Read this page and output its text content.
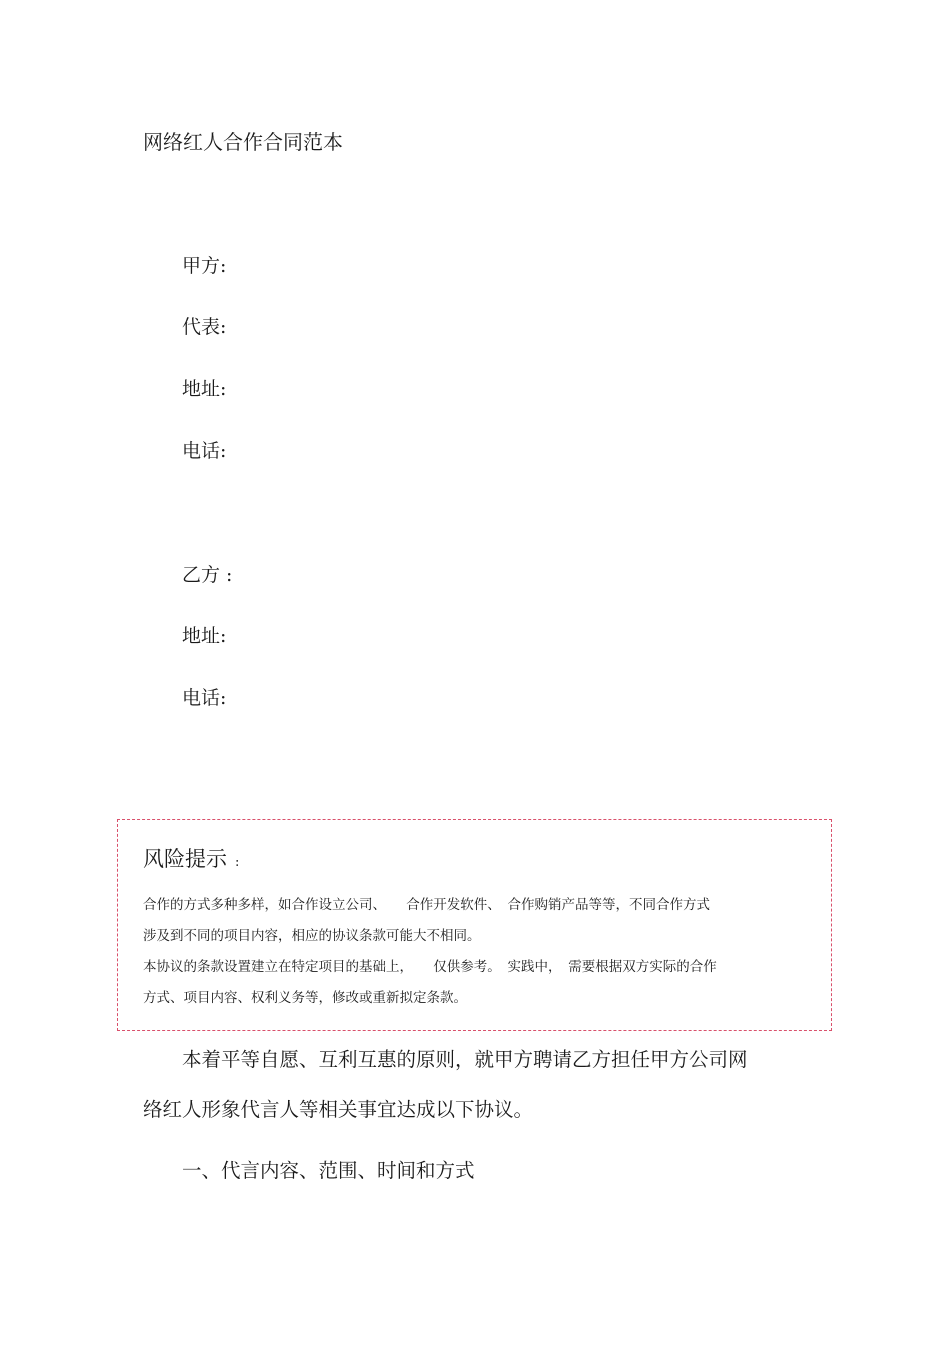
网络红人合作合同范本
甲方:
代表:
地址:
电话:
乙方 :
地址:
电话:
风险提示 :
合作的方式多种多样，如合作设立公司、　　合作开发软件、　合作购销产品等等，不同合作方式
涉及到不同的项目内容，相应的协议条款可能大不相同。
本协议的条款设置建立在特定项目的基础上，　　仅供参考。　实践中，　需要根据双方实际的合作
方式、项目内容、权利义务等，修改或重新拟定条款。
本着平等自愿、互利互惠的原则，就甲方聘请乙方担任甲方公司网
络红人形象代言人等相关事宜达成以下协议。
一、代言内容、范围、时间和方式
